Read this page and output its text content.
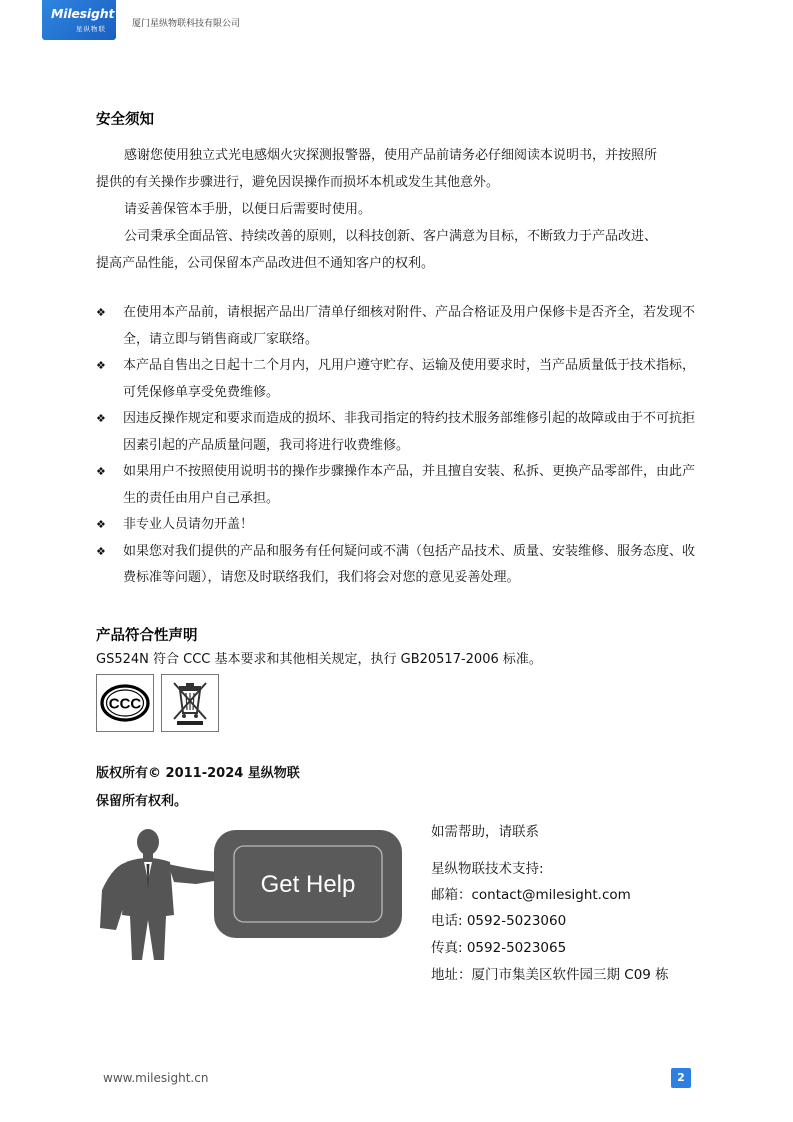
Milesight
星纵物联	厦门星纵物联科技有限公司
安全须知
感谢您使用独立式光电感烟火灾探测报警器，使用产品前请务必仔细阅读本说明书，并按照所
提供的有关操作步骤进行，避免因误操作而损坏本机或发生其他意外。
请妥善保管本手册，以便日后需要时使用。
公司秉承全面品管、持续改善的原则，以科技创新、客户满意为目标，不断致力于产品改进、
提高产品性能，公司保留本产品改进但不通知客户的权利。
❖ 在使用本产品前，请根据产品出厂清单仔细核对附件、产品合格证及用户保修卡是否齐全，若发现不全，请立即与销售商或厂家联络。
❖ 本产品自售出之日起十二个月内，凡用户遵守贮存、运输及使用要求时，当产品质量低于技术指标，可凭保修单享受免费维修。
❖ 因违反操作规定和要求而造成的损坏、非我司指定的特约技术服务部维修引起的故障或由于不可抗拒因素引起的产品质量问题，我司将进行收费维修。
❖ 如果用户不按照使用说明书的操作步骤操作本产品，并且擅自安装、私拆、更换产品零部件，由此产生的责任由用户自己承担。
❖ 非专业人员请勿开盖！
❖ 如果您对我们提供的产品和服务有任何疑问或不满（包括产品技术、质量、安装维修、服务态度、收费标准等问题），请您及时联络我们，我们将会对您的意见妥善处理。
产品符合性声明
GS524N 符合 CCC 基本要求和其他相关规定，执行 GB20517-2006 标准。
CCC
版权所有© 2011-2024 星纵物联
保留所有权利。
Get Help
如需帮助，请联系
星纵物联技术支持:
邮箱：contact@milesight.com
电话: 0592-5023060
传真: 0592-5023065
地址：厦门市集美区软件园三期 C09 栋
www.milesight.cn	2
